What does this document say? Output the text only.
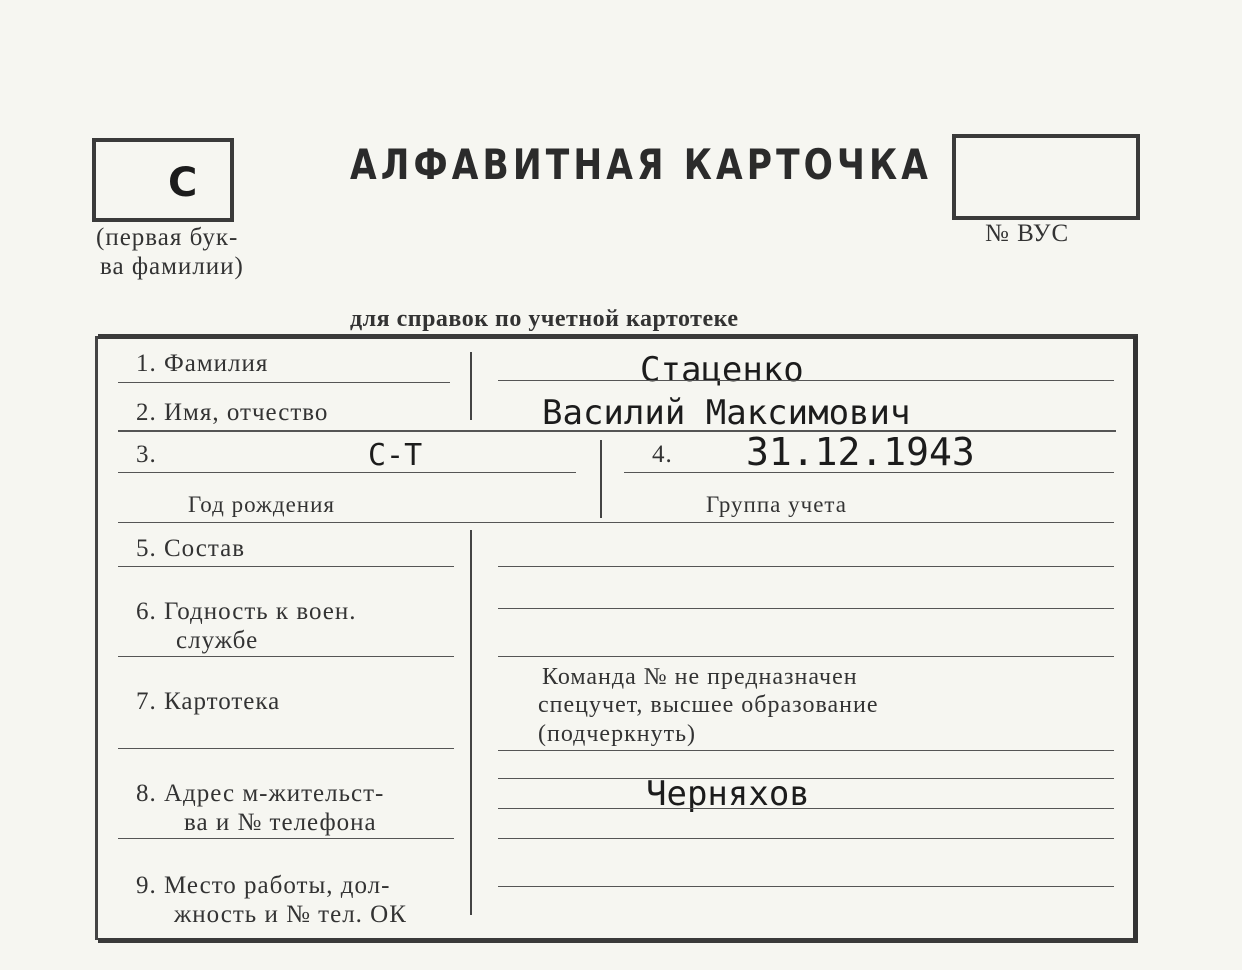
С
(первая бук-
ва фамилии)
АЛФАВИТНАЯ КАРТОЧКА
№ ВУС
для справок по учетной картотеке
1. Фамилия	Стаценко
2. Имя, отчество	Василий Максимович
3.	С-Т	4. 31.12.1943
Год рождения	Группа учета
5. Состав
6. Годность к воен.
службе
7. Картотека
Команда № не предназначен
спецучет, высшее образование
(подчеркнуть)
8. Адрес м-жительст-
ва и № телефона
Черняхов
9. Место работы, дол-
жность и № тел. ОК
